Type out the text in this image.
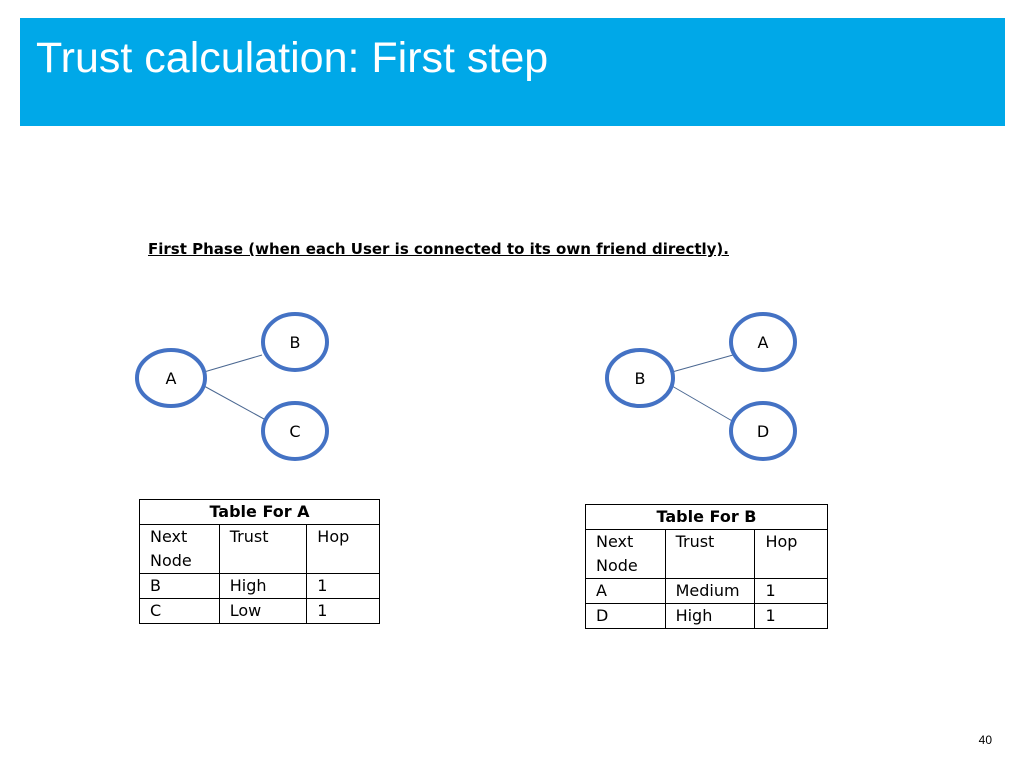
Trust calculation: First step
First Phase (when each User is connected to its own friend directly).
A
B
C
B
A
D
Table For A		
Next Node	Trust	Hop
B	High	1
C	Low	1
Table For B		
Next Node	Trust	Hop
A	Medium	1
D	High	1
40
